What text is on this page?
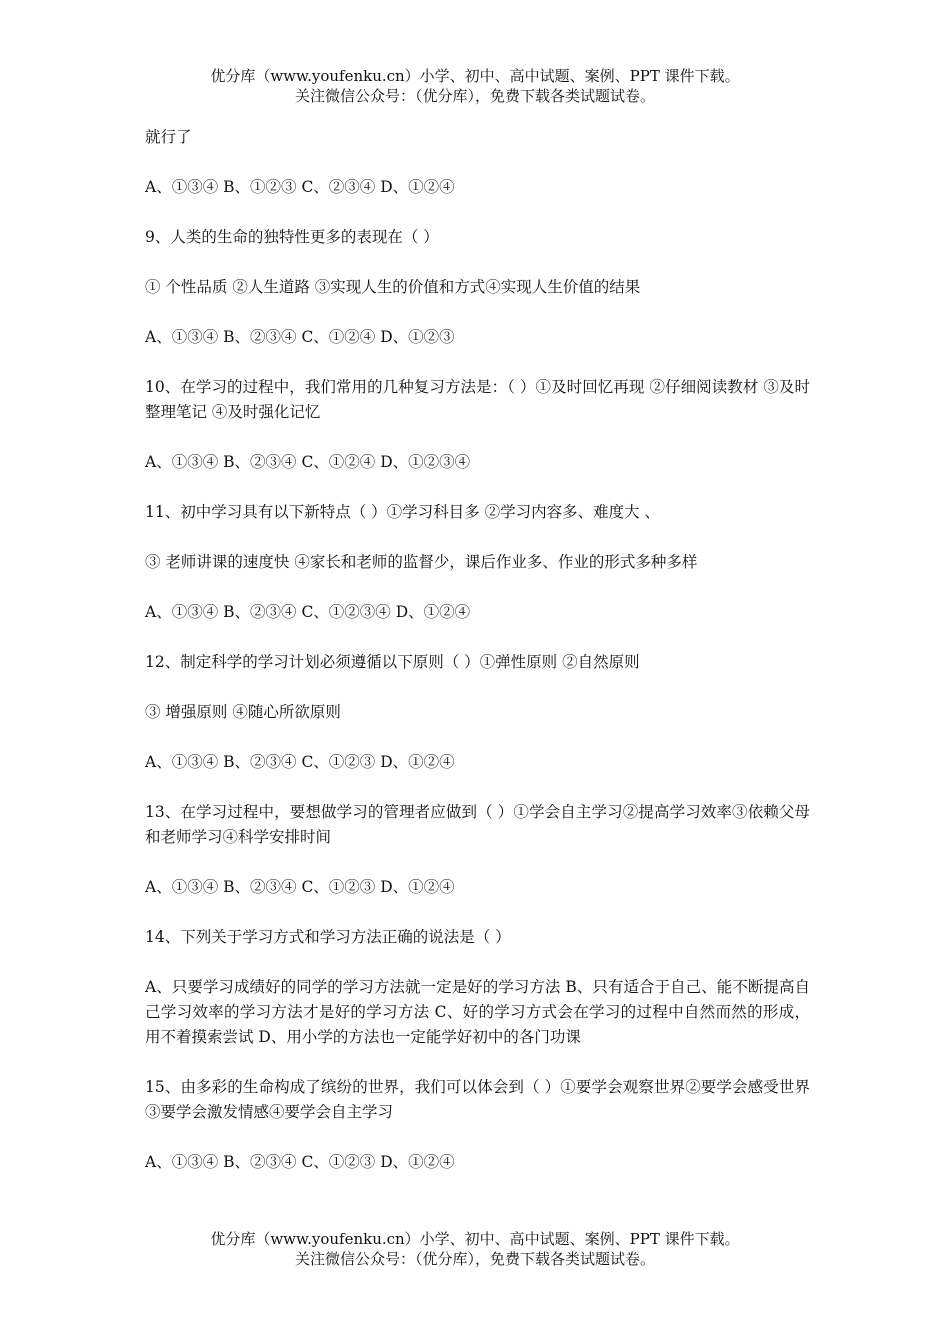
优分库（www.youfenku.cn）小学、初中、高中试题、案例、PPT 课件下载。
关注微信公众号：（优分库），免费下载各类试题试卷。

就行了

A、①③④ B、①②③ C、②③④ D、①②④

9、人类的生命的独特性更多的表现在（ ）

① 个性品质 ②人生道路 ③实现人生的价值和方式④实现人生价值的结果

A、①③④ B、②③④ C、①②④ D、①②③

10、在学习的过程中，我们常用的几种复习方法是：（ ）①及时回忆再现 ②仔细阅读教材 ③及时整理笔记 ④及时强化记忆

A、①③④ B、②③④ C、①②④ D、①②③④

11、初中学习具有以下新特点（ ）①学习科目多 ②学习内容多、难度大 、

③ 老师讲课的速度快 ④家长和老师的监督少，课后作业多、作业的形式多种多样

A、①③④ B、②③④ C、①②③④ D、①②④

12、制定科学的学习计划必须遵循以下原则（ ）①弹性原则 ②自然原则

③ 增强原则 ④随心所欲原则

A、①③④ B、②③④ C、①②③ D、①②④

13、在学习过程中，要想做学习的管理者应做到（ ）①学会自主学习②提高学习效率③依赖父母和老师学习④科学安排时间

A、①③④ B、②③④ C、①②③ D、①②④

14、下列关于学习方式和学习方法正确的说法是（ ）

A、只要学习成绩好的同学的学习方法就一定是好的学习方法 B、只有适合于自己、能不断提高自己学习效率的学习方法才是好的学习方法 C、好的学习方式会在学习的过程中自然而然的形成，用不着摸索尝试 D、用小学的方法也一定能学好初中的各门功课

15、由多彩的生命构成了缤纷的世界，我们可以体会到（ ）①要学会观察世界②要学会感受世界③要学会激发情感④要学会自主学习

A、①③④ B、②③④ C、①②③ D、①②④

优分库（www.youfenku.cn）小学、初中、高中试题、案例、PPT 课件下载。
关注微信公众号：（优分库），免费下载各类试题试卷。
